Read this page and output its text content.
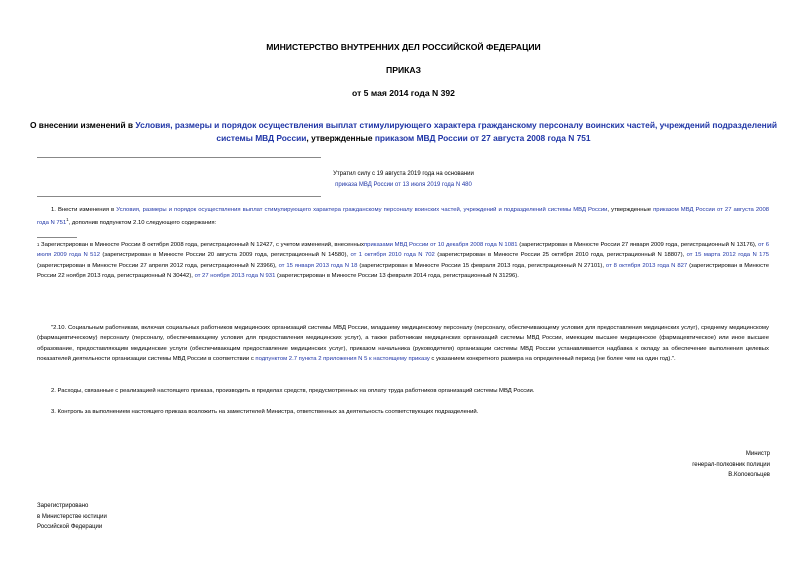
МИНИСТЕРСТВО ВНУТРЕННИХ ДЕЛ РОССИЙСКОЙ ФЕДЕРАЦИИ
ПРИКАЗ
от 5 мая 2014 года N 392
О внесении изменений в Условия, размеры и порядок осуществления выплат стимулирующего характера гражданскому персоналу воинских частей, учреждений подразделений системы МВД России, утвержденные приказом МВД России от 27 августа 2008 года N 751
Утратил силу с 19 августа 2019 года на основании
приказа МВД России от 13 июля 2019 года N 480
1. Внести изменения в Условия, размеры и порядок осуществления выплат стимулирующего характера гражданскому персоналу воинских частей, учреждений и подразделений системы МВД России, утвержденные приказом МВД России от 27 августа 2008 года N $751^1$, дополнив подпунктом 2.10 следующего содержания:
$^1$ Зарегистрирован в Минюсте России 8 октября 2008 года, регистрационный N 12427, с учетом изменений, внесенныхприказами МВД России от 10 декабря 2008 года N 1081 (зарегистрирован в Минюсте России 27 января 2009 года, регистрационный N 13176), от 6 июля 2009 года N 512 (зарегистрирован в Минюсте России 20 августа 2009 года, регистрационный N 14580), от 1 октября 2010 года N 702 (зарегистрирован в Минюсте России 25 октября 2010 года, регистрационный N 18807), от 15 марта 2012 года N 175 (зарегистрирован в Минюсте России 27 апреля 2012 года, регистрационный N 23966), от 15 января 2013 года N 18 (зарегистрирован в Минюсте России 15 февраля 2013 года, регистрационный N 27101), от 8 октября 2013 года N 827 (зарегистрирован в Минюсте России 22 ноября 2013 года, регистрационный N 30442), от 27 ноября 2013 года N 931 (зарегистрирован в Минюсте России 13 февраля 2014 года, регистрационный N 31296).
"2.10. Социальным работникам, включая социальных работников медицинских организаций системы МВД России, младшему медицинскому персоналу (персоналу, обеспечивающему условия для предоставления медицинских услуг), среднему медицинскому (фармацевтическому) персоналу (персоналу, обеспечивающему условия для предоставления медицинских услуг), а также работникам медицинских организаций системы МВД России, имеющим высшее медицинское (фармацевтическое) или иное высшее образование, предоставляющим медицинские услуги (обеспечивающим предоставление медицинских услуг), приказом начальника (руководителя) организации системы МВД России устанавливается надбавка к окладу за обеспечение выполнения целевых показателей деятельности организации системы МВД России в соответствии с подпунктом 2.7 пункта 2 приложения N 5 к настоящему приказу с указанием конкретного размера на определенный период (не более чем на один год).".
2. Расходы, связанные с реализацией настоящего приказа, производить в пределах средств, предусмотренных на оплату труда работников организаций системы МВД России.
3. Контроль за выполнением настоящего приказа возложить на заместителей Министра, ответственных за деятельность соответствующих подразделений.
Министр
генерал-полковник полиции
В.Колокольцев
Зарегистрировано
в Министерстве юстиции
Российской Федерации
